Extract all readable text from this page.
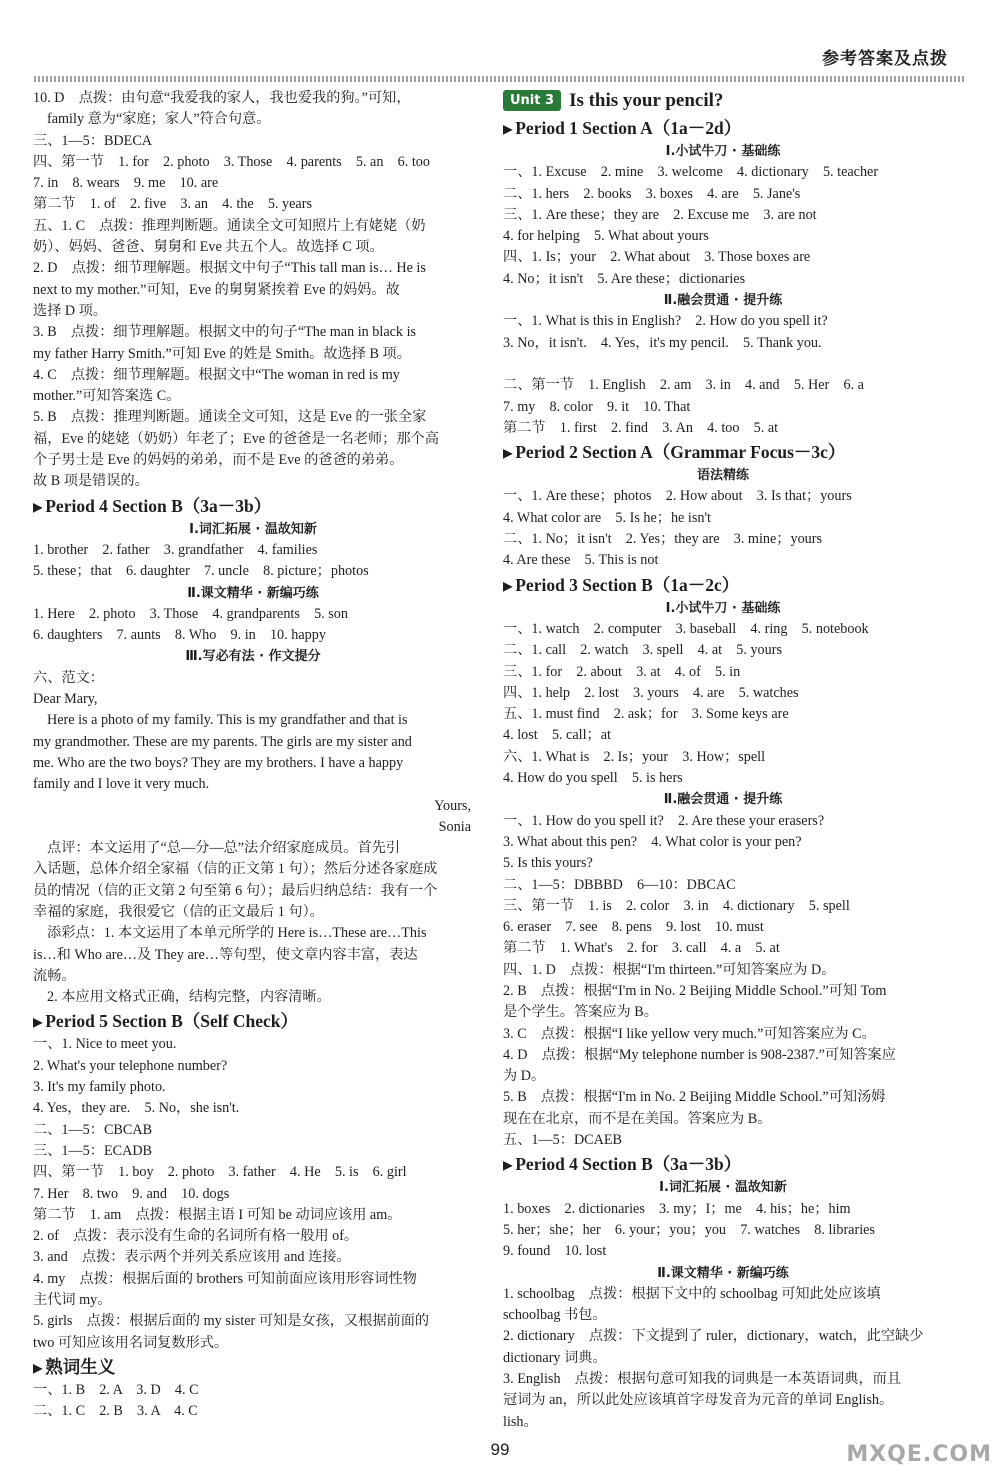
参考答案及点拨
10. D　点拨：由句意“我爱我的家人，我也爱我的狗。”可知，
family 意为“家庭；家人”符合句意。
三、1—5：BDECA
四、第一节　1. for　2. photo　3. Those　4. parents　5. an　6. too
7. in　8. wears　9. me　10. are
第二节　1. of　2. five　3. an　4. the　5. years
五、1. C　点拨：推理判断题。通读全文可知照片上有姥姥（奶
奶）、妈妈、爸爸、舅舅和 Eve 共五个人。故选择 C 项。
2. D　点拨：细节理解题。根据文中句子“This tall man is… He is
next to my mother.”可知，Eve 的舅舅紧挨着 Eve 的妈妈。故
选择 D 项。
3. B　点拨：细节理解题。根据文中的句子“The man in black is
my father Harry Smith.”可知 Eve 的姓是 Smith。故选择 B 项。
4. C　点拨：细节理解题。根据文中“The woman in red is my
mother.”可知答案选 C。
5. B　点拨：推理判断题。通读全文可知，这是 Eve 的一张全家
福，Eve 的姥姥（奶奶）年老了；Eve 的爸爸是一名老师；那个高
个子男士是 Eve 的妈妈的弟弟，而不是 Eve 的爸爸的弟弟。
故 B 项是错误的。
▶ Period 4 Section B（3a－3b）
Ⅰ.词汇拓展 · 温故知新
1. brother　2. father　3. grandfather　4. families
5. these；that　6. daughter　7. uncle　8. picture；photos
Ⅱ.课文精华 · 新编巧练
1. Here　2. photo　3. Those　4. grandparents　5. son
6. daughters　7. aunts　8. Who　9. in　10. happy
Ⅲ.写必有法 · 作文提分
六、范文：
Dear Mary,
Here is a photo of my family. This is my grandfather and that is
my grandmother. These are my parents. The girls are my sister and
me. Who are the two boys? They are my brothers. I have a happy
family and I love it very much.
Yours,
Sonia
点评：本文运用了“总—分—总”法介绍家庭成员。首先引
入话题，总体介绍全家福（信的正文第 1 句）；然后分述各家庭成
员的情况（信的正文第 2 句至第 6 句）；最后归纳总结：我有一个
幸福的家庭，我很爱它（信的正文最后 1 句）。
添彩点：1. 本文运用了本单元所学的 Here is…These are…This
is…和 Who are…及 They are…等句型，使文章内容丰富，表达
流畅。
2. 本应用文格式正确，结构完整，内容清晰。
▶ Period 5 Section B（Self Check）
一、1. Nice to meet you.
2. What's your telephone number?
3. It's my family photo.
4. Yes，they are.　5. No，she isn't.
二、1—5：CBCAB
三、1—5：ECADB
四、第一节　1. boy　2. photo　3. father　4. He　5. is　6. girl
7. Her　8. two　9. and　10. dogs
第二节　1. am　点拨：根据主语 I 可知 be 动词应该用 am。
2. of　点拨：表示没有生命的名词所有格一般用 of。
3. and　点拨：表示两个并列关系应该用 and 连接。
4. my　点拨：根据后面的 brothers 可知前面应该用形容词性物
主代词 my。
5. girls　点拨：根据后面的 my sister 可知是女孩，又根据前面的
two 可知应该用名词复数形式。
▶ 熟词生义
一、1. B　2. A　3. D　4. C
二、1. C　2. B　3. A　4. C
Unit 3 Is this your pencil?
▶ Period 1 Section A（1a－2d）
Ⅰ.小试牛刀 · 基础练
一、1. Excuse　2. mine　3. welcome　4. dictionary　5. teacher
二、1. hers　2. books　3. boxes　4. are　5. Jane's
三、1. Are these；they are　2. Excuse me　3. are not
4. for helping　5. What about yours
四、1. Is；your　2. What about　3. Those boxes are
4. No；it isn't　5. Are these；dictionaries
Ⅱ.融会贯通 · 提升练
一、1. What is this in English?　2. How do you spell it?
3. No，it isn't.　4. Yes，it's my pencil.　5. Thank you.
二、第一节　1. English　2. am　3. in　4. and　5. Her　6. a
7. my　8. color　9. it　10. That
第二节　1. first　2. find　3. An　4. too　5. at
▶ Period 2 Section A（Grammar Focus－3c）
语法精练
一、1. Are these；photos　2. How about　3. Is that；yours
4. What color are　5. Is he；he isn't
二、1. No；it isn't　2. Yes；they are　3. mine；yours
4. Are these　5. This is not
▶ Period 3 Section B（1a－2c）
Ⅰ.小试牛刀 · 基础练
一、1. watch　2. computer　3. baseball　4. ring　5. notebook
二、1. call　2. watch　3. spell　4. at　5. yours
三、1. for　2. about　3. at　4. of　5. in
四、1. help　2. lost　3. yours　4. are　5. watches
五、1. must find　2. ask；for　3. Some keys are
4. lost　5. call；at
六、1. What is　2. Is；your　3. How；spell
4. How do you spell　5. is hers
Ⅱ.融会贯通 · 提升练
一、1. How do you spell it?　2. Are these your erasers?
3. What about this pen?　4. What color is your pen?
5. Is this yours?
二、1—5：DBBBD　6—10：DBCAC
三、第一节　1. is　2. color　3. in　4. dictionary　5. spell
6. eraser　7. see　8. pens　9. lost　10. must
第二节　1. What's　2. for　3. call　4. a　5. at
四、1. D　点拨：根据“I'm thirteen.”可知答案应为 D。
2. B　点拨：根据“I'm in No. 2 Beijing Middle School.”可知 Tom
是个学生。答案应为 B。
3. C　点拨：根据“I like yellow very much.”可知答案应为 C。
4. D　点拨：根据“My telephone number is 908-2387.”可知答案应
为 D。
5. B　点拨：根据“I'm in No. 2 Beijing Middle School.”可知汤姆
现在在北京，而不是在美国。答案应为 B。
五、1—5：DCAEB
▶ Period 4 Section B（3a－3b）
Ⅰ.词汇拓展 · 温故知新
1. boxes　2. dictionaries　3. my；I；me　4. his；he；him
5. her；she；her　6. your；you；you　7. watches　8. libraries
9. found　10. lost
Ⅱ.课文精华 · 新编巧练
1. schoolbag　点拨：根据下文中的 schoolbag 可知此处应该填
schoolbag 书包。
2. dictionary　点拨：下文提到了 ruler，dictionary，watch，此空缺少
dictionary 词典。
3. English　点拨：根据句意可知我的词典是一本英语词典，而且
冠词为 an，所以此处应该填首字母发音为元音的单词 English。
lish。
99	MXQE.COM
